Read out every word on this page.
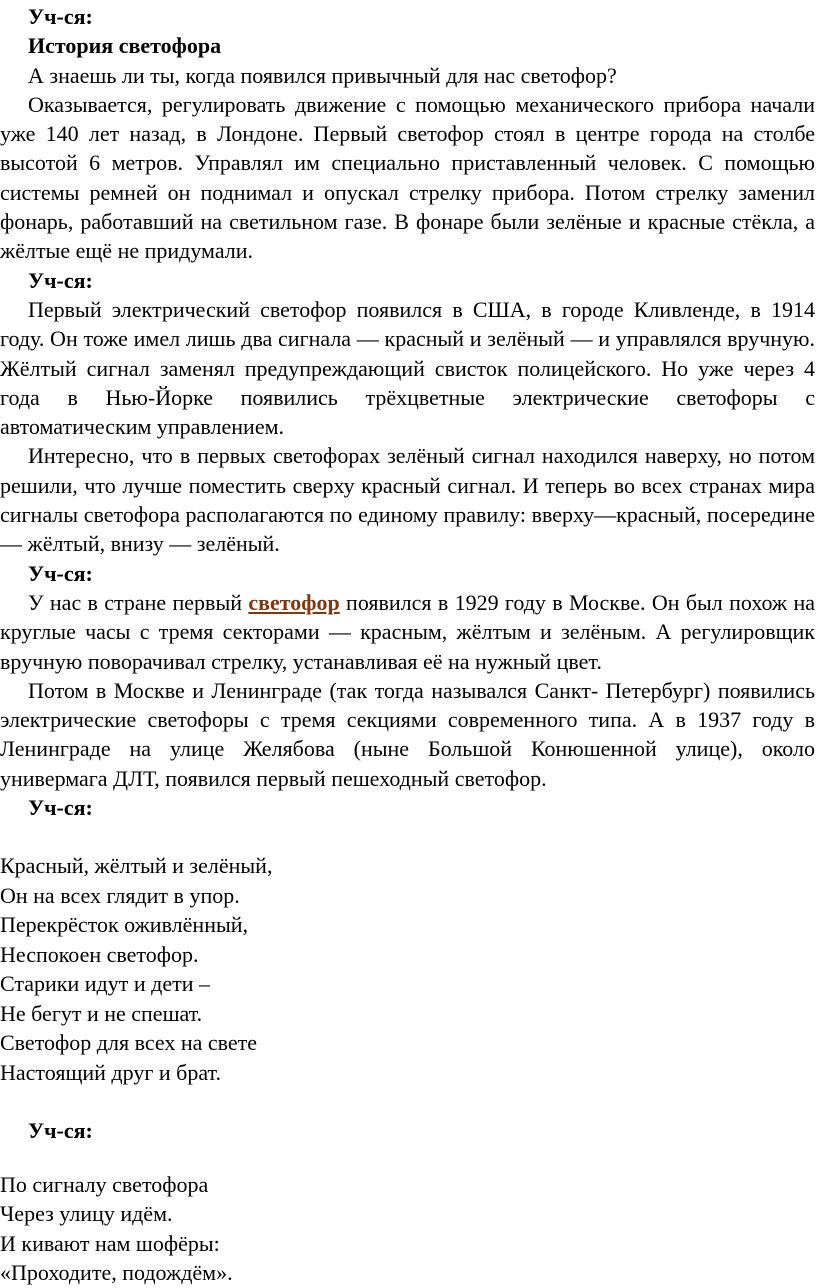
Уч-ся:
История светофора

А знаешь ли ты, когда появился привычный для нас светофор?

Оказывается, регулировать движение с помощью механического прибора начали уже 140 лет назад, в Лондоне. Первый светофор стоял в центре города на столбе высотой 6 метров. Управлял им специально приставленный человек. С помощью системы ремней он поднимал и опускал стрелку прибора. Потом стрелку заменил фонарь, работавший на светильном газе. В фонаре были зелёные и красные стёкла, а жёлтые ещё не придумали.

Уч-ся:

Первый электрический светофор появился в США, в городе Кливленде, в 1914 году. Он тоже имел лишь два сигнала — красный и зелёный — и управлялся вручную. Жёлтый сигнал заменял предупреждающий свисток полицейского. Но уже через 4 года в Нью-Йорке появились трёхцветные электрические светофоры с автоматическим управлением.

Интересно, что в первых светофорах зелёный сигнал находился наверху, но потом решили, что лучше поместить сверху красный сигнал. И теперь во всех странах мира сигналы светофора располагаются по единому правилу: вверху—красный, посередине — жёлтый, внизу — зелёный.

Уч-ся:

У нас в стране первый светофор появился в 1929 году в Москве. Он был похож на круглые часы с тремя секторами — красным, жёлтым и зелёным. А регулировщик вручную поворачивал стрелку, устанавливая её на нужный цвет.

Потом в Москве и Ленинграде (так тогда назывался Санкт- Петербург) появились электрические светофоры с тремя секциями современного типа. А в 1937 году в Ленинграде на улице Желябова (ныне Большой Конюшенной улице), около универмага ДЛТ, появился первый пешеходный светофор.

Уч-ся:

Красный, жёлтый и зелёный,

Он на всех глядит в упор.

Перекрёсток оживлённый,

Неспокоен светофор.

Старики идут и дети –

Не бегут и не спешат.

Светофор для всех на свете

Настоящий друг и брат.

Уч-ся:

По сигналу светофора

Через улицу идём.

И кивают нам шофёры:

«Проходите, подождём».
